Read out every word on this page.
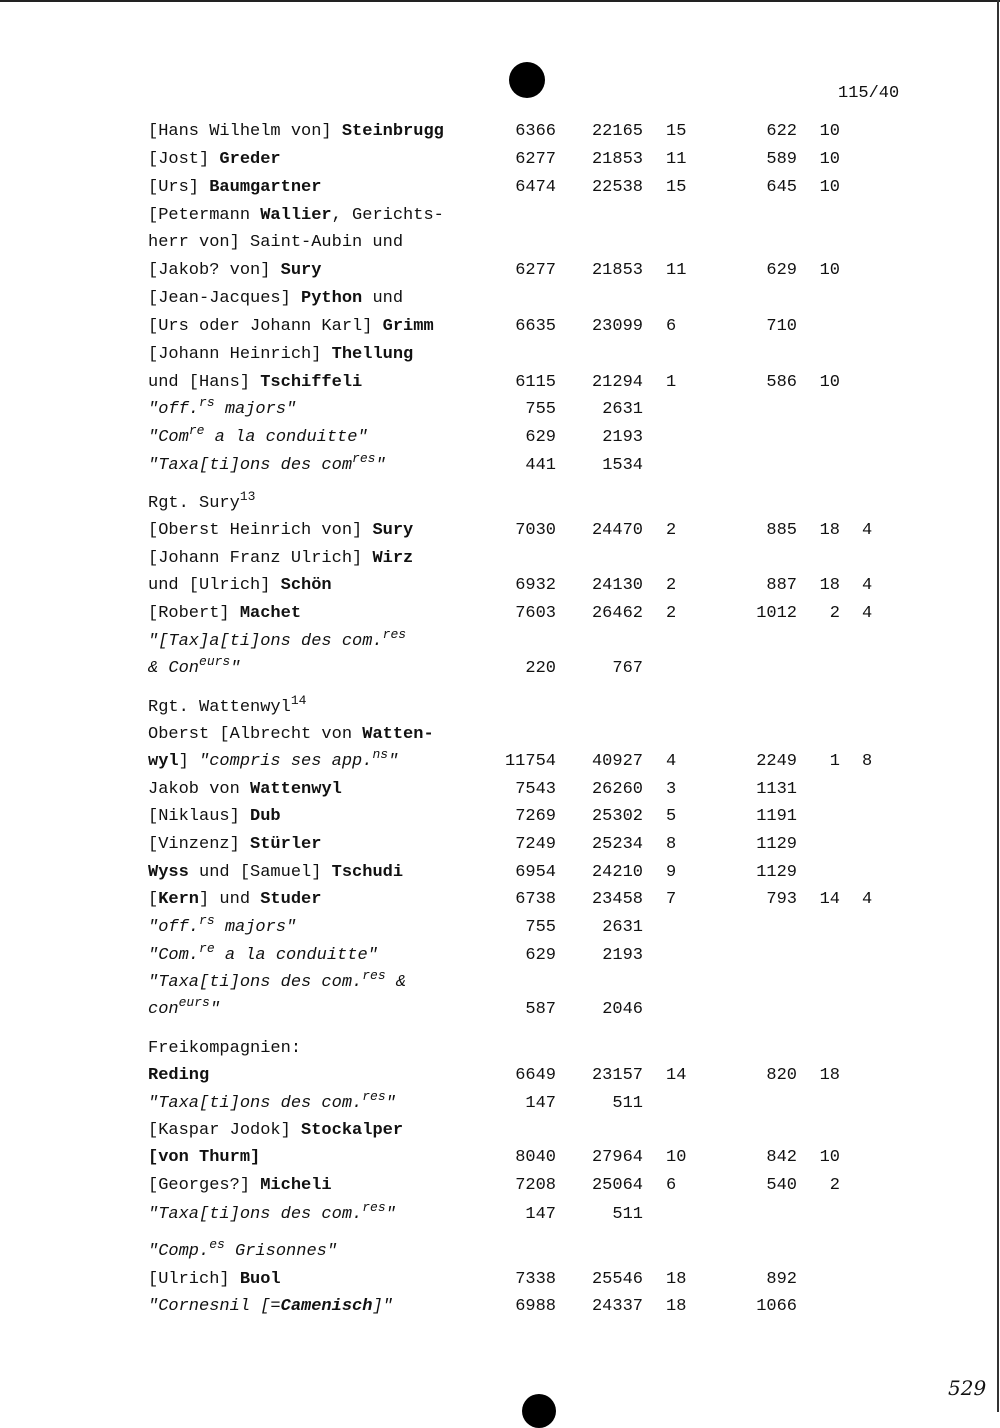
115/40
529
[Hans Wilhelm von] Steinbrugg	6366 22165 15	622 10
[Jost] Greder	6277 21853 11	589 10
[Urs] Baumgartner	6474 22538 15	645 10
[Petermann Wallier, Gerichts-
herr von] Saint-Aubin und
[Jakob? von] Sury	6277 21853 11	629 10
[Jean-Jacques] Python und
[Urs oder Johann Karl] Grimm	6635 23099 6	710
[Johann Heinrich] Thellung
und [Hans] Tschiffeli	6115 21294 1	586 10
"off.$^{rs}$ majors"	755	2631
"Com$^{re}$ a la conduitte"	629	2193
"Taxa[ti]ons des com$^{res}$"	441	1534
Rgt. Sury$^{13}$
[Oberst Heinrich von] Sury	7030 24470 2	885 18 4
[Johann Franz Ulrich] Wirz
und [Ulrich] Schön	6932 24130 2	887 18 4
[Robert] Machet	7603 26462 2	1012 2 4
"[Tax]a[ti]ons des com.$^{res}$
& Con$^{eurs}$"	220	767
Rgt. Wattenwyl$^{14}$
Oberst [Albrecht von Watten-
wyl] "compris ses app.$^{ns}$"	11754 40927 4	2249 1 8
Jakob von Wattenwyl	7543 26260 3	1131
[Niklaus] Dub	7269 25302 5	1191
[Vinzenz] Stürler	7249 25234 8	1129
Wyss und [Samuel] Tschudi	6954 24210 9	1129
[Kern] und Studer	6738 23458 7	793 14 4
"off.$^{rs}$ majors"	755	2631
"Com.$^{re}$ a la conduitte"	629	2193
"Taxa[ti]ons des com.$^{res}$ &
con$^{eurs}$"	587	2046
Freikompagnien:
Reding	6649 23157 14	820 18
"Taxa[ti]ons des com.$^{res}$"	147	511
[Kaspar Jodok] Stockalper
[von Thurm]	8040 27964 10	842 10
[Georges?] Micheli	7208 25064 6	540 2
"Taxa[ti]ons des com.$^{res}$"	147	511
"Comp.$^{es}$ Grisonnes"
[Ulrich] Buol	7338 25546 18	892
"Cornesnil [=Camenisch]"	6988 24337 18	1066
